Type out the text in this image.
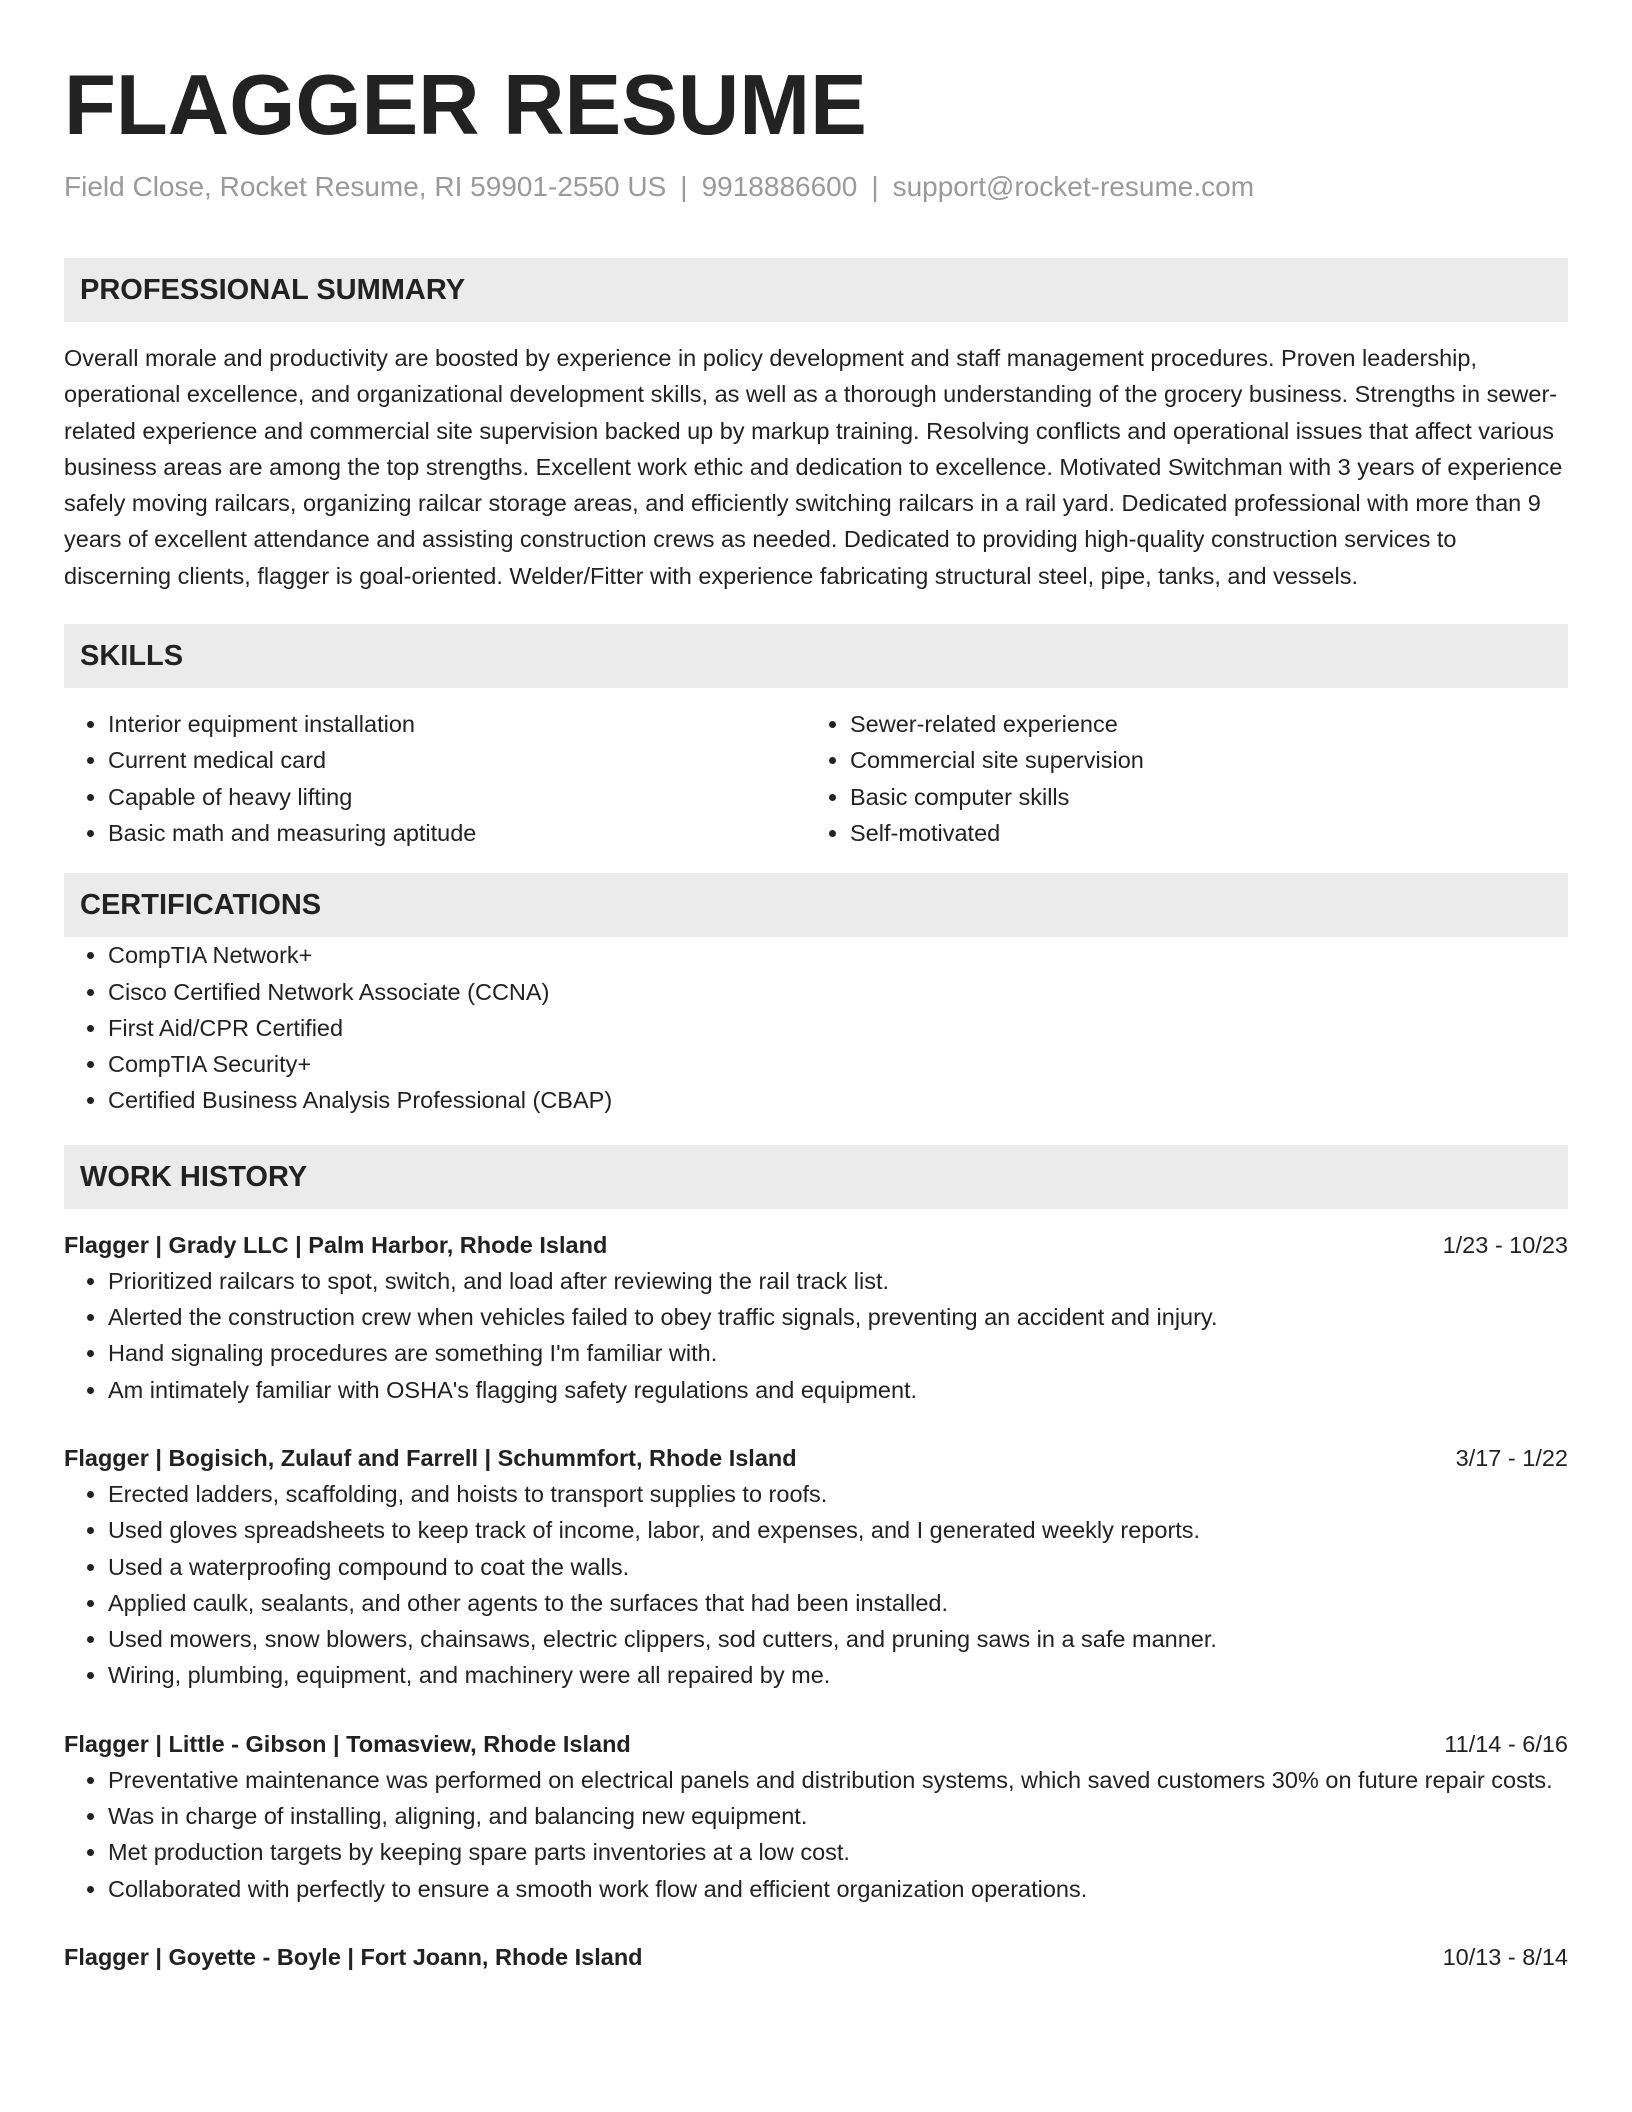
FLAGGER RESUME
Field Close, Rocket Resume, RI 59901-2550 US | 9918886600 | support@rocket-resume.com
PROFESSIONAL SUMMARY

Overall morale and productivity are boosted by experience in policy development and staff management procedures. Proven leadership, operational excellence, and organizational development skills, as well as a thorough understanding of the grocery business. Strengths in sewer-related experience and commercial site supervision backed up by markup training. Resolving conflicts and operational issues that affect various business areas are among the top strengths. Excellent work ethic and dedication to excellence. Motivated Switchman with 3 years of experience safely moving railcars, organizing railcar storage areas, and efficiently switching railcars in a rail yard. Dedicated professional with more than 9 years of excellent attendance and assisting construction crews as needed. Dedicated to providing high-quality construction services to discerning clients, flagger is goal-oriented. Welder/Fitter with experience fabricating structural steel, pipe, tanks, and vessels.

SKILLS
• Interior equipment installation
• Current medical card
• Capable of heavy lifting
• Basic math and measuring aptitude
• Sewer-related experience
• Commercial site supervision
• Basic computer skills
• Self-motivated
CERTIFICATIONS
• CompTIA Network+
• Cisco Certified Network Associate (CCNA)
• First Aid/CPR Certified
• CompTIA Security+
• Certified Business Analysis Professional (CBAP)
WORK HISTORY
Flagger | Grady LLC | Palm Harbor, Rhode Island	1/23 - 10/23
• Prioritized railcars to spot, switch, and load after reviewing the rail track list.
• Alerted the construction crew when vehicles failed to obey traffic signals, preventing an accident and injury.
• Hand signaling procedures are something I'm familiar with.
• Am intimately familiar with OSHA's flagging safety regulations and equipment.
Flagger | Bogisich, Zulauf and Farrell | Schummfort, Rhode Island	3/17 - 1/22
• Erected ladders, scaffolding, and hoists to transport supplies to roofs.
• Used gloves spreadsheets to keep track of income, labor, and expenses, and I generated weekly reports.
• Used a waterproofing compound to coat the walls.
• Applied caulk, sealants, and other agents to the surfaces that had been installed.
• Used mowers, snow blowers, chainsaws, electric clippers, sod cutters, and pruning saws in a safe manner.
• Wiring, plumbing, equipment, and machinery were all repaired by me.
Flagger | Little - Gibson | Tomasview, Rhode Island	11/14 - 6/16
• Preventative maintenance was performed on electrical panels and distribution systems, which saved customers 30% on future repair costs.
• Was in charge of installing, aligning, and balancing new equipment.
• Met production targets by keeping spare parts inventories at a low cost.
• Collaborated with perfectly to ensure a smooth work flow and efficient organization operations.
Flagger | Goyette - Boyle | Fort Joann, Rhode Island	10/13 - 8/14
